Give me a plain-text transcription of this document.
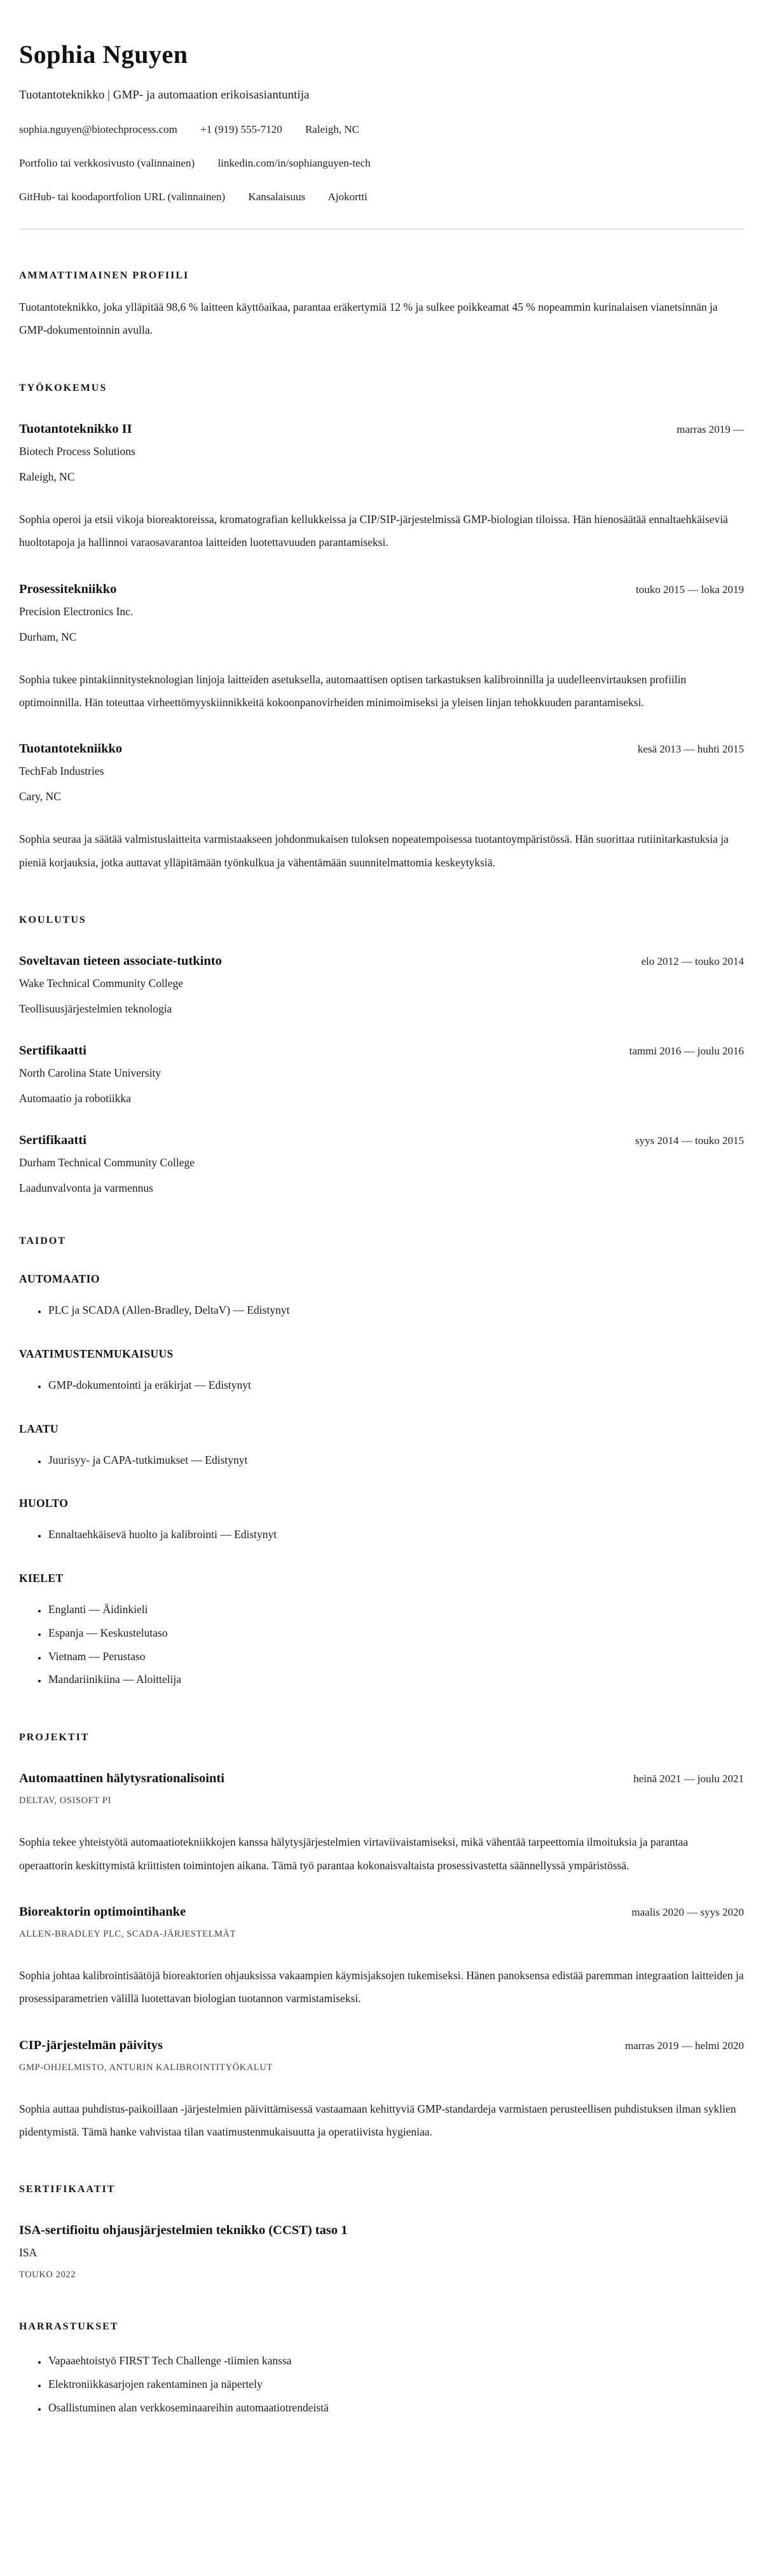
Sophia Nguyen
Tuotantoteknikko | GMP- ja automaation erikoisasiantuntija
sophia.nguyen@biotechprocess.com +1 (919) 555-7120 Raleigh, NC
Portfolio tai verkkosivusto (valinnainen) linkedin.com/in/sophianguyen-tech
GitHub- tai koodaportfolion URL (valinnainen) Kansalaisuus Ajokortti
AMMATTIMAINEN PROFIILI

Tuotantoteknikko, joka ylläpitää 98,6 % laitteen käyttöaikaa, parantaa eräkertymiä 12 % ja sulkee poikkeamat 45 % nopeammin kurinalaisen vianetsinnän ja GMP-dokumentoinnin avulla.

TYÖKOKEMUS
Tuotantoteknikko II	marras 2019 —
Biotech Process Solutions
Raleigh, NC

Sophia operoi ja etsii vikoja bioreaktoreissa, kromatografian kellukkeissa ja CIP/SIP-järjestelmissä GMP-biologian tiloissa. Hän hienosäätää ennaltaehkäiseviä huoltotapoja ja hallinnoi varaosavarantoa laitteiden luotettavuuden parantamiseksi.

Prosessitekniikko	touko 2015 — loka 2019
Precision Electronics Inc.
Durham, NC

Sophia tukee pintakiinnitysteknologian linjoja laitteiden asetuksella, automaattisen optisen tarkastuksen kalibroinnilla ja uudelleenvirtauksen profiilin optimoinnilla. Hän toteuttaa virheettömyyskiinnikkeitä kokoonpanovirheiden minimoimiseksi ja yleisen linjan tehokkuuden parantamiseksi.

Tuotantotekniikko	kesä 2013 — huhti 2015
TechFab Industries
Cary, NC

Sophia seuraa ja säätää valmistuslaitteita varmistaakseen johdonmukaisen tuloksen nopeatempoisessa tuotantoympäristössä. Hän suorittaa rutiinitarkastuksia ja pieniä korjauksia, jotka auttavat ylläpitämään työnkulkua ja vähentämään suunnitelmattomia keskeytyksiä.

KOULUTUS
Soveltavan tieteen associate-tutkinto	elo 2012 — touko 2014
Wake Technical Community College
Teollisuusjärjestelmien teknologia
Sertifikaatti	tammi 2016 — joulu 2016
North Carolina State University
Automaatio ja robotiikka
Sertifikaatti	syys 2014 — touko 2015
Durham Technical Community College
Laadunvalvonta ja varmennus
TAIDOT
AUTOMAATIO
• PLC ja SCADA (Allen-Bradley, DeltaV) — Edistynyt
VAATIMUSTENMUKAISUUS
• GMP-dokumentointi ja eräkirjat — Edistynyt
LAATU
• Juurisyy- ja CAPA-tutkimukset — Edistynyt
HUOLTO
• Ennaltaehkäisevä huolto ja kalibrointi — Edistynyt
KIELET
• Englanti — Äidinkieli
• Espanja — Keskustelutaso
• Vietnam — Perustaso
• Mandariinikiina — Aloittelija
PROJEKTIT
Automaattinen hälytysrationalisointi	heinä 2021 — joulu 2021
DELTAV, OSISOFT PI

Sophia tekee yhteistyötä automaatiotekniikkojen kanssa hälytysjärjestelmien virtaviivaistamiseksi, mikä vähentää tarpeettomia ilmoituksia ja parantaa operaattorin keskittymistä kriittisten toimintojen aikana. Tämä työ parantaa kokonaisvaltaista prosessivastetta säännellyssä ympäristössä.

Bioreaktorin optimointihanke	maalis 2020 — syys 2020
ALLEN-BRADLEY PLC, SCADA-JÄRJESTELMÄT

Sophia johtaa kalibrointisäätöjä bioreaktorien ohjauksissa vakaampien käymisjaksojen tukemiseksi. Hänen panoksensa edistää paremman integraation laitteiden ja prosessiparametrien välillä luotettavan biologian tuotannon varmistamiseksi.

CIP-järjestelmän päivitys	marras 2019 — helmi 2020
GMP-OHJELMISTO, ANTURIN KALIBROINTITYÖKALUT

Sophia auttaa puhdistus-paikoillaan -järjestelmien päivittämisessä vastaamaan kehittyviä GMP-standardeja varmistaen perusteellisen puhdistuksen ilman syklien pidentymistä. Tämä hanke vahvistaa tilan vaatimustenmukaisuutta ja operatiivista hygieniaa.

SERTIFIKAATIT
ISA-sertifioitu ohjausjärjestelmien teknikko (CCST) taso 1
ISA
TOUKO 2022
HARRASTUKSET
• Vapaaehtoistyö FIRST Tech Challenge -tiimien kanssa
• Elektroniikkasarjojen rakentaminen ja näpertely
• Osallistuminen alan verkkoseminaareihin automaatiotrendeistä
